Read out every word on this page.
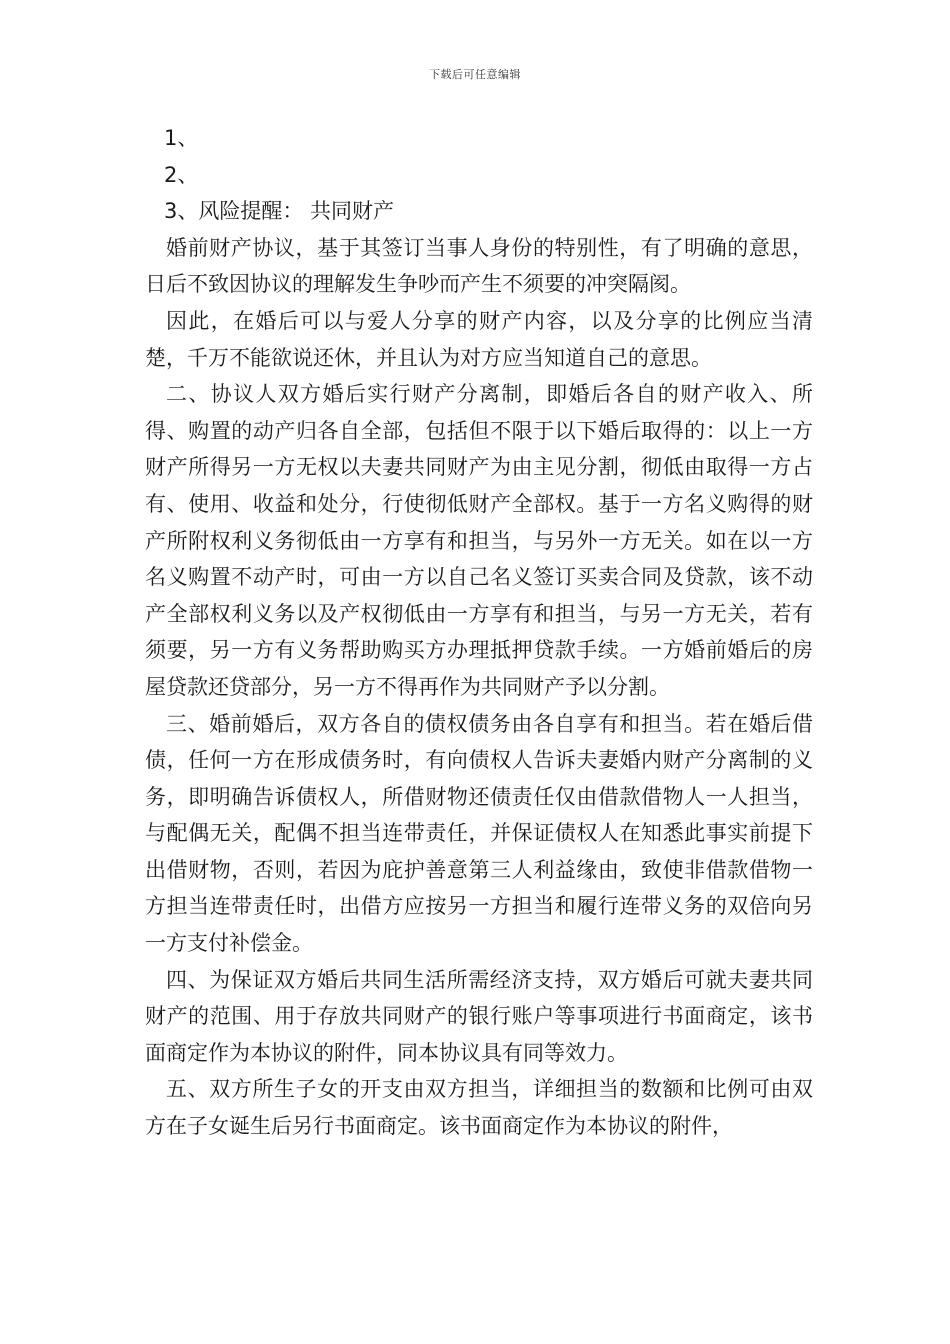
下载后可任意编辑

1、

2、

3、风险提醒： 共同财产

婚前财产协议，基于其签订当事人身份的特别性，有了明确的意思，日后不致因协议的理解发生争吵而产生不须要的冲突隔阂。

因此，在婚后可以与爱人分享的财产内容，以及分享的比例应当清楚，千万不能欲说还休，并且认为对方应当知道自己的意思。

二、协议人双方婚后实行财产分离制，即婚后各自的财产收入、所得、购置的动产归各自全部，包括但不限于以下婚后取得的：以上一方财产所得另一方无权以夫妻共同财产为由主见分割，彻低由取得一方占有、使用、收益和处分，行使彻低财产全部权。基于一方名义购得的财产所附权利义务彻低由一方享有和担当，与另外一方无关。如在以一方名义购置不动产时，可由一方以自己名义签订买卖合同及贷款，该不动产全部权利义务以及产权彻低由一方享有和担当，与另一方无关，若有须要，另一方有义务帮助购买方办理抵押贷款手续。一方婚前婚后的房屋贷款还贷部分，另一方不得再作为共同财产予以分割。

三、婚前婚后，双方各自的债权债务由各自享有和担当。若在婚后借债，任何一方在形成债务时，有向债权人告诉夫妻婚内财产分离制的义务，即明确告诉债权人，所借财物还债责任仅由借款借物人一人担当，与配偶无关，配偶不担当连带责任，并保证债权人在知悉此事实前提下出借财物，否则，若因为庇护善意第三人利益缘由，致使非借款借物一方担当连带责任时，出借方应按另一方担当和履行连带义务的双倍向另一方支付补偿金。

四、为保证双方婚后共同生活所需经济支持，双方婚后可就夫妻共同财产的范围、用于存放共同财产的银行账户等事项进行书面商定，该书面商定作为本协议的附件，同本协议具有同等效力。

五、双方所生子女的开支由双方担当，详细担当的数额和比例可由双方在子女诞生后另行书面商定。该书面商定作为本协议的附件，
